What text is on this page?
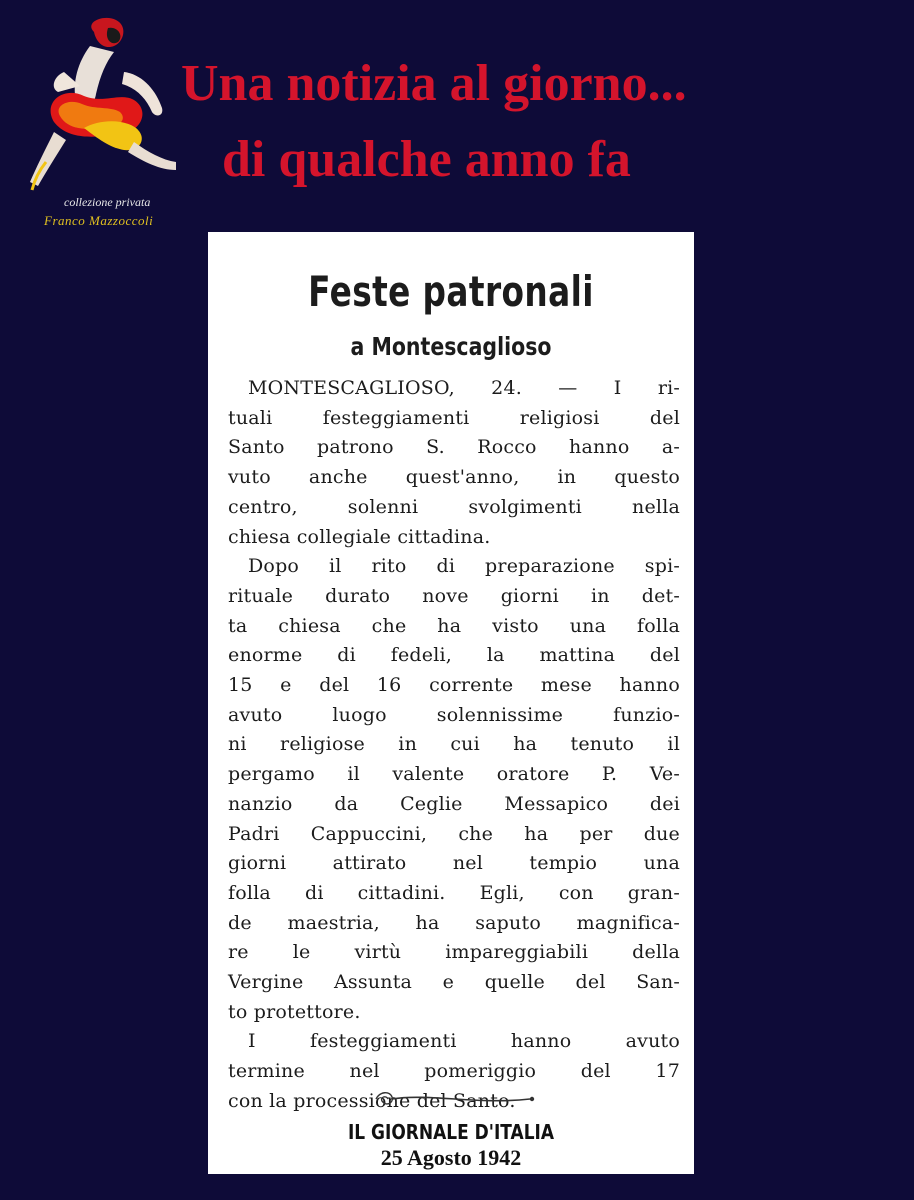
collezione privata
Franco Mazzoccoli
Una notizia al giorno...
di qualche anno fa
Feste patronali
a Montescaglioso
MONTESCAGLIOSO, 24. — I ri-
tuali festeggiamenti religiosi del
Santo patrono S. Rocco hanno a-
vuto anche quest'anno, in questo
centro, solenni svolgimenti nella
chiesa collegiale cittadina.
Dopo il rito di preparazione spi-
rituale durato nove giorni in det-
ta chiesa che ha visto una folla
enorme di fedeli, la mattina del
15 e del 16 corrente mese hanno
avuto luogo solennissime funzio-
ni religiose in cui ha tenuto il
pergamo il valente oratore P. Ve-
nanzio da Ceglie Messapico dei
Padri Cappuccini, che ha per due
giorni attirato nel tempio una
folla di cittadini. Egli, con gran-
de maestria, ha saputo magnifica-
re le virtù impareggiabili della
Vergine Assunta e quelle del San-
to protettore.
I festeggiamenti hanno avuto
termine nel pomeriggio del 17
con la processione del Santo.
IL GIORNALE D'ITALIA
25 Agosto 1942
